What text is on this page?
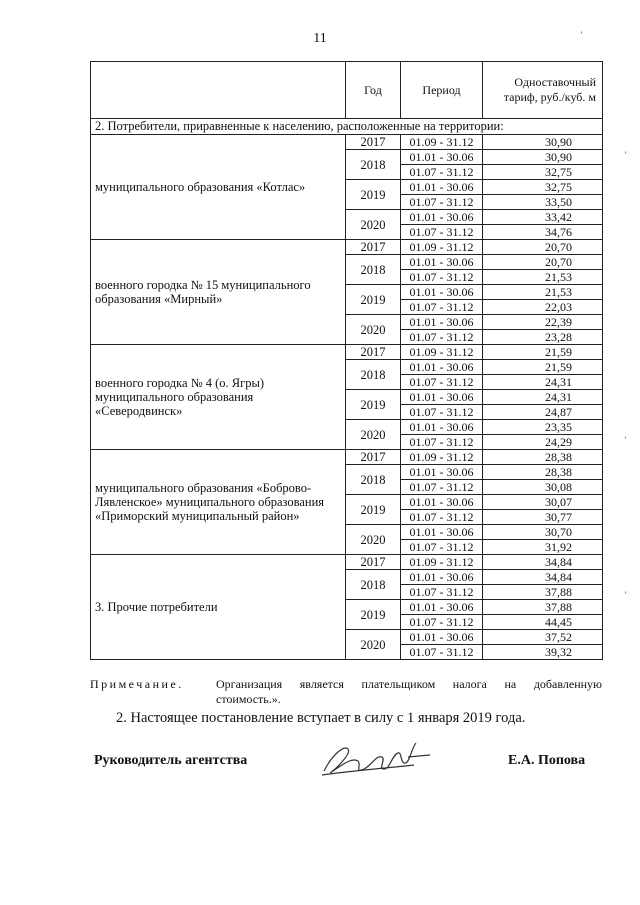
11
	Год	Период	Одноставочный
тариф, руб./куб. м
2. Потребители, приравненные к населению, расположенные на территории:			
муниципального образования «Котлас»	2017	01.09 - 31.12	30,90
	2018	01.01 - 30.06	30,90
		01.07 - 31.12	32,75
	2019	01.01 - 30.06	32,75
		01.07 - 31.12	33,50
	2020	01.01 - 30.06	33,42
		01.07 - 31.12	34,76
военного городка № 15 муниципального
образования «Мирный»	2017	01.09 - 31.12	20,70
	2018	01.01 - 30.06	20,70
		01.07 - 31.12	21,53
	2019	01.01 - 30.06	21,53
		01.07 - 31.12	22,03
	2020	01.01 - 30.06	22,39
		01.07 - 31.12	23,28
военного городка № 4 (о. Ягры)
муниципального образования
«Северодвинск»	2017	01.09 - 31.12	21,59
	2018	01.01 - 30.06	21,59
		01.07 - 31.12	24,31
	2019	01.01 - 30.06	24,31
		01.07 - 31.12	24,87
	2020	01.01 - 30.06	23,35
		01.07 - 31.12	24,29
муниципального образования «Боброво-
Лявленское» муниципального образования
«Приморский муниципальный район»	2017	01.09 - 31.12	28,38
	2018	01.01 - 30.06	28,38
		01.07 - 31.12	30,08
	2019	01.01 - 30.06	30,07
		01.07 - 31.12	30,77
	2020	01.01 - 30.06	30,70
		01.07 - 31.12	31,92
3. Прочие потребители	2017	01.09 - 31.12	34,84
	2018	01.01 - 30.06	34,84
		01.07 - 31.12	37,88
	2019	01.01 - 30.06	37,88
		01.07 - 31.12	44,45
	2020	01.01 - 30.06	37,52
		01.07 - 31.12	39,32
Примечание.	Организация является плательщиком налога на добавленную
стоимость.».
2. Настоящее постановление вступает в силу с 1 января 2019 года.
Руководитель агентства	Е.А. Попова
’
’
’
’
